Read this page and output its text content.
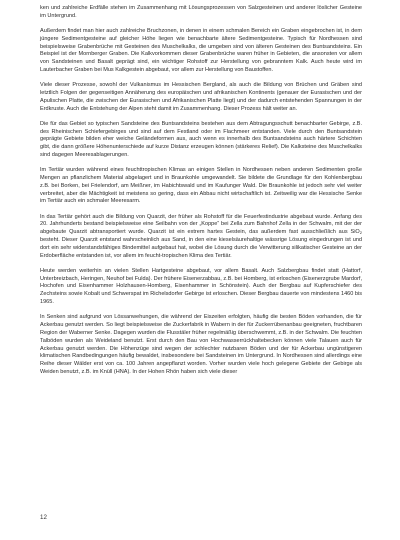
ken und zahlreiche Erdfälle stehen im Zusammenhang mit Lösungsprozessen von Salzgesteinen und anderer löslicher Gesteine im Untergrund.

Außerdem findet man hier auch zahlreiche Bruchzonen, in denen in einem schmalen Bereich ein Graben eingebrochen ist, in dem jüngere Sedimentgesteine auf gleicher Höhe liegen wie benachbarte ältere Sedimentgesteine. Typisch für Nordhessen sind beispielsweise Grabenbrüche mit Gesteinen des Muschelkalks, die umgeben sind von älteren Gesteinen des Buntsandsteins. Ein Beispiel ist der Mornberger Graben. Die Kalkvorkommen dieser Grabenbrüche waren früher in Gebieten, die ansonsten vor allem von Sandsteinen und Basalt geprägt sind, ein wichtiger Rohstoff zur Herstellung von gebranntem Kalk. Auch heute wird im Lauterbacher Graben bei Mus Kalkgestein abgebaut, vor allem zur Herstellung von Baustoffen.

Viele dieser Prozesse, sowohl der Vulkanismus im Hessischen Bergland, als auch die Bildung von Brüchen und Gräben sind letztlich Folgen der gegenseitigen Annäherung des europäischen und afrikanischen Kontinents (genauer der Eurasischen und der Apulischen Platte, die zwischen der Eurasischen und Afrikanischen Platte liegt) und der dadurch entstehenden Spannungen in der Erdkruste. Auch die Entstehung der Alpen steht damit im Zusammenhang. Dieser Prozess hält weiter an.

Die für das Gebiet so typischen Sandsteine des Buntsandsteins bestehen aus dem Abtragungsschutt benachbarter Gebirge, z.B. des Rheinischen Schiefergebirges und sind auf dem Festland oder im Flachmeer entstanden. Viele durch den Buntsandstein geprägte Gebiete bilden eher weiche Geländeformen aus, auch wenn es innerhalb des Buntsandsteins auch härtere Schichten gibt, die dann größere Höhenunterschiede auf kurze Distanz erzeugen können (stärkeres Relief). Die Kalksteine des Muschelkalks sind dagegen Meeresablagerungen.

Im Tertiär wurden während eines feuchttropischen Klimas an einigen Stellen in Nordhessen neben anderen Sedimenten große Mengen an pflanzlichem Material abgelagert und in Braunkohle umgewandelt. Sie bildete die Grundlage für den Kohlenbergbau z.B. bei Borken, bei Frielendorf, am Meißner, im Habichtswald und im Kaufunger Wald. Die Braunkohle ist jedoch sehr viel weiter verbreitet, aber die Mächtigkeit ist meistens so gering, dass ein Abbau nicht wirtschaftlich ist. Zeitweilig war die Hessische Senke im Tertiär auch ein schmaler Meeresarm.

In das Tertiär gehört auch die Bildung von Quarzit, der früher als Rohstoff für die Feuerfestindustrie abgebaut wurde. Anfang des 20. Jahrhunderts bestand beispielsweise eine Seilbahn von der „Koppe“ bei Zella zum Bahnhof Zella in der Schwalm, mit der der abgebaute Quarzit abtransportiert wurde. Quarzit ist ein extrem hartes Gestein, das außerdem fast ausschließlich aus SiO$_2$ besteht. Dieser Quarzit entstand wahrscheinlich aus Sand, in den eine kieselsäurehaltige wässrige Lösung eingedrungen ist und dort ein sehr widerstandsfähiges Bindemittel aufgebaut hat, wobei die Lösung durch die Verwitterung silikatischer Gesteine an der Erdoberfläche entstanden ist, vor allem im feucht-tropischen Klima des Tertiär.

Heute werden weiterhin an vielen Stellen Hartgesteine abgebaut, vor allem Basalt. Auch Salzbergbau findet statt (Hattorf, Unterbreizbach, Heringen, Neuhof bei Fulda). Der frühere Eisenerzabbau, z.B. bei Homberg, ist erloschen (Eisenerzgrube Mardorf, Hochofen und Eisenhammer Holzhausen-Homberg, Eisenhammer in Schönstein). Auch der Bergbau auf Kupferschiefer des Zechsteins sowie Kobalt und Schwerspat im Richelsdorfer Gebirge ist erloschen. Dieser Bergbau dauerte von mindestens 1460 bis 1965.

In Senken sind aufgrund von Lössanwehungen, die während der Eiszeiten erfolgten, häufig die besten Böden vorhanden, die für Ackerbau genutzt werden. So liegt beispielsweise die Zuckerfabrik in Wabern in der für Zuckerrübenanbau geeigneten, fruchtbaren Region der Waberner Senke. Dagegen wurden die Flusstäler früher regelmäßig überschwemmt, z.B. in der Schwalm. Die feuchten Talböden wurden als Weideland benutzt. Erst durch den Bau von Hochwasserrückhaltebecken können viele Talauen auch für Ackerbau genutzt werden. Die Höhenzüge sind wegen der schlechter nutzbaren Böden und der für Ackerbau ungünstigeren klimatischen Randbedingungen häufig bewaldet, insbesondere bei Sandsteinen im Untergrund. In Nordhessen sind allerdings eine Reihe dieser Wälder erst von ca. 100 Jahren angepflanzt worden. Vorher wurden viele hoch gelegene Gebiete der Gebirge als Weiden benutzt, z.B. im Knüll (HNA). In der Hohen Rhön haben sich viele dieser

12
